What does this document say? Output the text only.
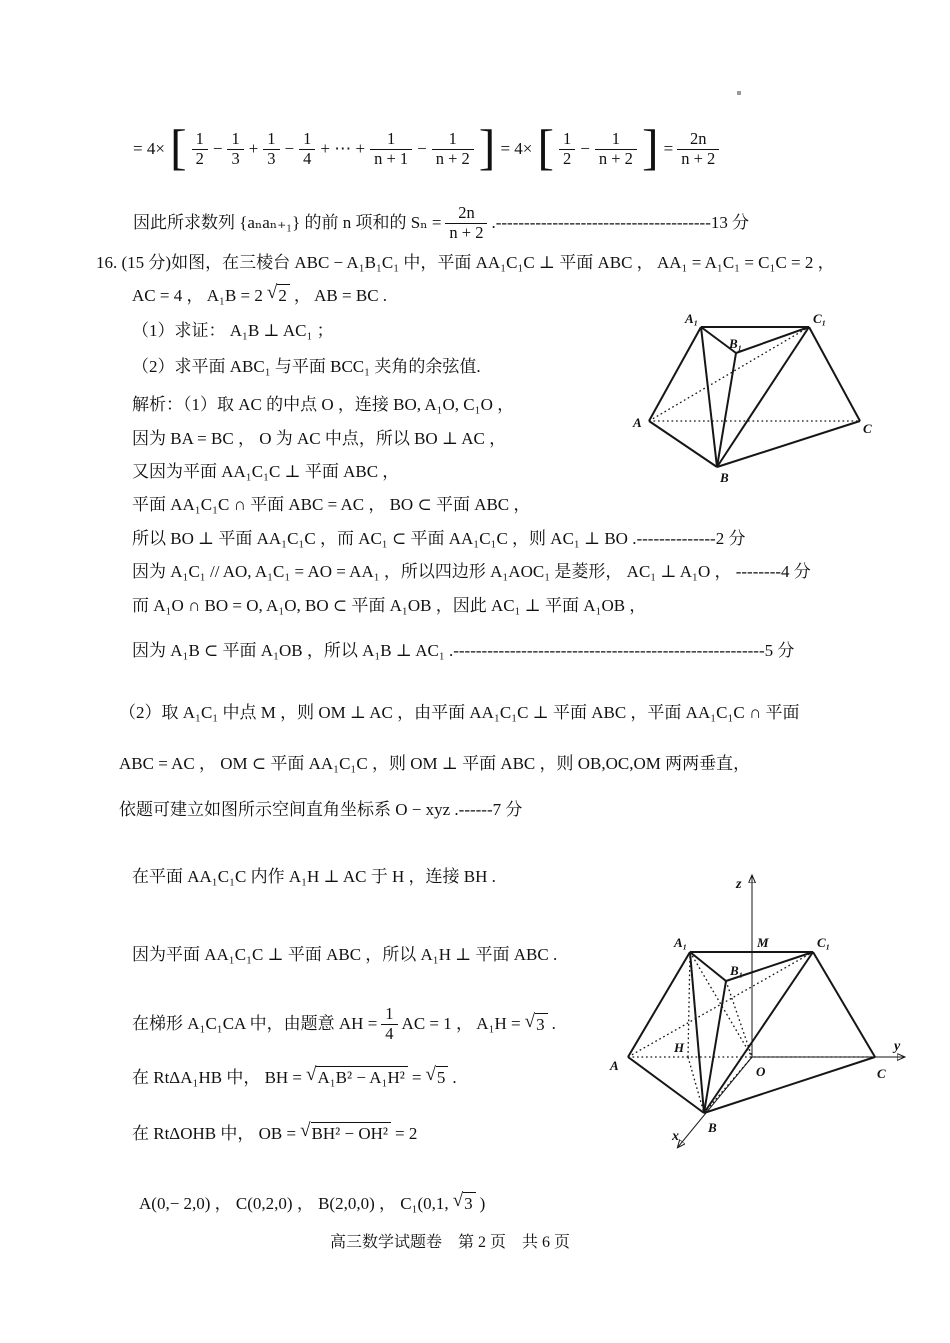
= 4× [ $\frac{1}{2} - \frac{1}{3} + \frac{1}{3} - \frac{1}{4}$ + ⋯ + $\frac{1}{n + 1} - \frac{1}{n + 2}$ ] = 4× [ $\frac{1}{2} - \frac{1}{n + 2}$ ] = $\frac{2n}{n + 2}$
因此所求数列 {aₙaₙ₊₁} 的前 n 项和的 $S_n = \frac{2n}{n + 2} .--------------------------------------13$ 分
16. (15 分)如图，在三棱台 ABC − A₁B₁C₁ 中，平面 AA₁C₁C ⊥ 平面 ABC ， AA₁ = A₁C₁ = C₁C = 2 ，
AC = 4 ， A₁B = 2 √ 2 ， AB = BC .
（1）求证： A₁B ⊥ AC₁ ；
（2）求平面 ABC₁ 与平面 BCC₁ 夹角的余弦值.
解析：（1）取 AC 的中点 O ，连接 BO, A₁O, C₁O ，
因为 BA = BC ， O 为 AC 中点，所以 BO ⊥ AC ，
又因为平面 AA₁C₁C ⊥ 平面 ABC ，
平面 AA₁C₁C ∩ 平面 ABC = AC ， BO ⊂ 平面 ABC ，
所以 BO ⊥ 平面 AA₁C₁C ，而 AC₁ ⊂ 平面 AA₁C₁C ，则 AC₁ ⊥ BO .--------------2 分
因为 A₁C₁ // AO, A₁C₁ = AO = AA₁ ，所以四边形 A₁AOC₁ 是菱形， AC₁ ⊥ A₁O ， --------4 分
而 A₁O ∩ BO = O, A₁O, BO ⊂ 平面 A₁OB ，因此 AC₁ ⊥ 平面 A₁OB ，
因为 A₁B ⊂ 平面 A₁OB ，所以 A₁B ⊥ AC₁ .-------------------------------------------------------5 分
（2）取 A₁C₁ 中点 M ，则 OM ⊥ AC ，由平面 AA₁C₁C ⊥ 平面 ABC ，平面 AA₁C₁C ∩ 平面
ABC = AC ， OM ⊂ 平面 AA₁C₁C ，则 OM ⊥ 平面 ABC ，则 OB,OC,OM 两两垂直，
依题可建立如图所示空间直角坐标系 O − xyz .------7 分
在平面 AA₁C₁C 内作 A₁H ⊥ AC 于 H ，连接 BH .
因为平面 AA₁C₁C ⊥ 平面 ABC ，所以 A₁H ⊥ 平面 ABC .
在梯形 A₁C₁CA 中，由题意 AH = $\frac{1}{4}$ AC = 1 ， A₁H = √ 3 .
在 RtΔA₁HB 中， BH = √ A₁B² − A₁H² = √ 5 .
在 RtΔOHB 中， OB = √ BH² − OH² = 2
A(0,− 2,0) ， C(0,2,0) ， B(2,0,0) ， C₁(0,1, √ 3 )
高三数学试题卷　第 2 页　共 6 页
A₁	C₁
B₁
A	C
B
z
y
x
M
A₁	C₁
B₁
H
A	O	C
B
